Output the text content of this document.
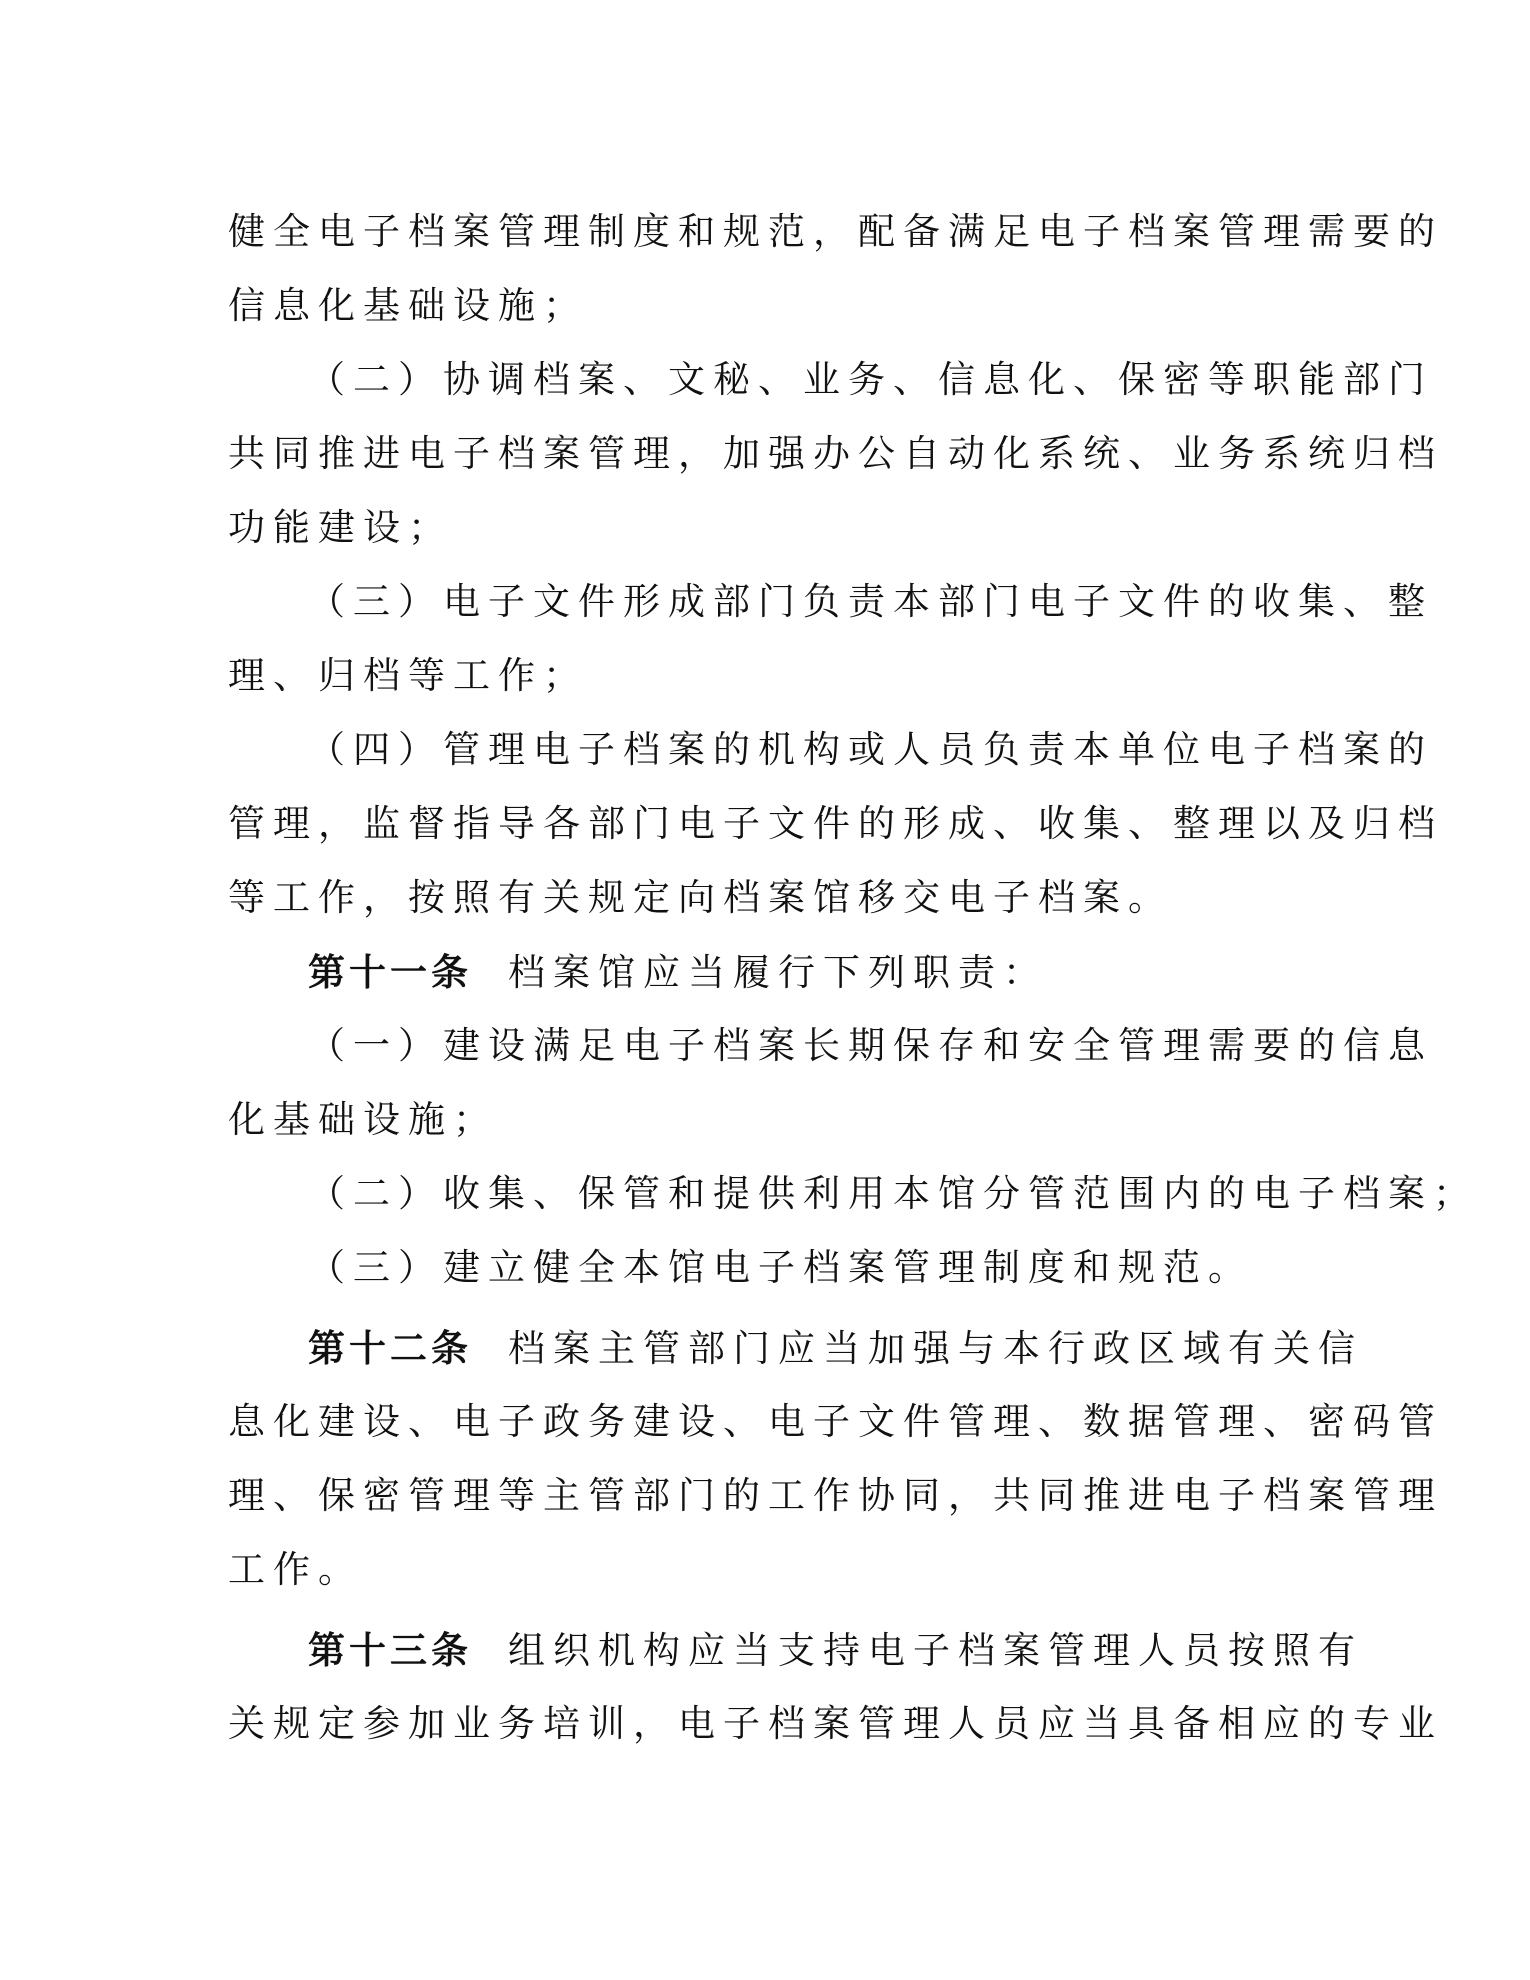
健全电子档案管理制度和规范，配备满足电子档案管理需要的
信息化基础设施；
（二）协调档案、文秘、业务、信息化、保密等职能部门
共同推进电子档案管理，加强办公自动化系统、业务系统归档
功能建设；
（三）电子文件形成部门负责本部门电子文件的收集、整
理、归档等工作；
（四）管理电子档案的机构或人员负责本单位电子档案的
管理，监督指导各部门电子文件的形成、收集、整理以及归档
等工作，按照有关规定向档案馆移交电子档案。
第十一条 档案馆应当履行下列职责：
（一）建设满足电子档案长期保存和安全管理需要的信息
化基础设施；
（二）收集、保管和提供利用本馆分管范围内的电子档案；
（三）建立健全本馆电子档案管理制度和规范。
第十二条 档案主管部门应当加强与本行政区域有关信
息化建设、电子政务建设、电子文件管理、数据管理、密码管
理、保密管理等主管部门的工作协同，共同推进电子档案管理
工作。
第十三条 组织机构应当支持电子档案管理人员按照有
关规定参加业务培训，电子档案管理人员应当具备相应的专业
